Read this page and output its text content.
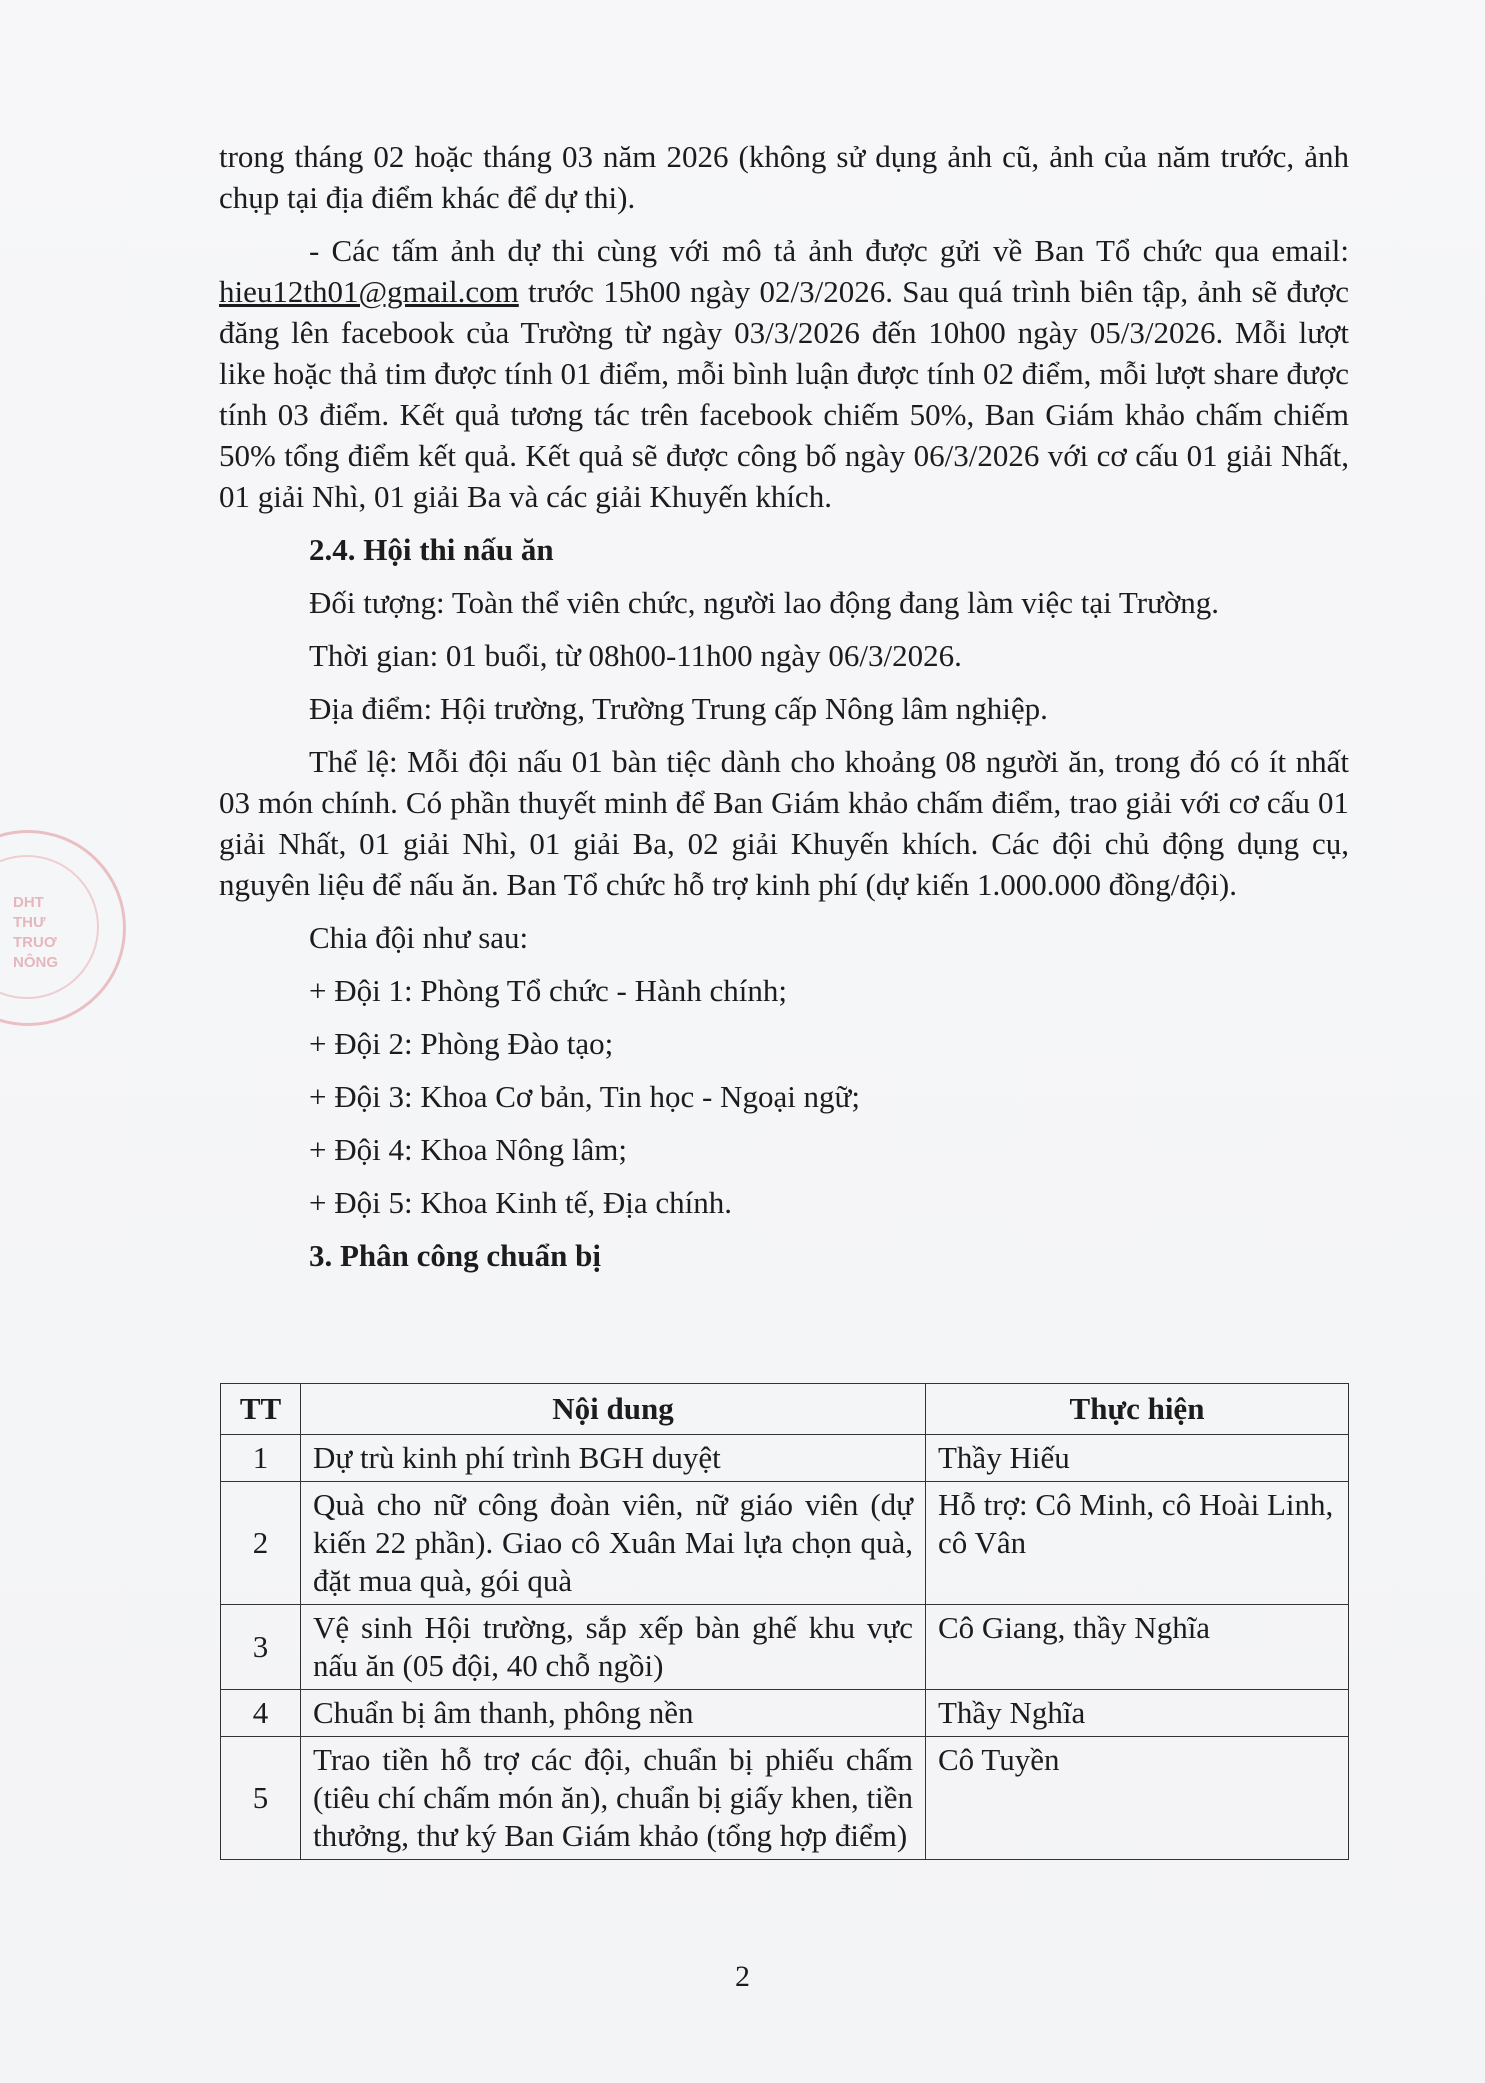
DHT
THƯ
TRUƠ
NÔNG

trong tháng 02 hoặc tháng 03 năm 2026 (không sử dụng ảnh cũ, ảnh của năm trước, ảnh chụp tại địa điểm khác để dự thi).

- Các tấm ảnh dự thi cùng với mô tả ảnh được gửi về Ban Tổ chức qua email: hieu12th01@gmail.com trước 15h00 ngày 02/3/2026. Sau quá trình biên tập, ảnh sẽ được đăng lên facebook của Trường từ ngày 03/3/2026 đến 10h00 ngày 05/3/2026. Mỗi lượt like hoặc thả tim được tính 01 điểm, mỗi bình luận được tính 02 điểm, mỗi lượt share được tính 03 điểm. Kết quả tương tác trên facebook chiếm 50%, Ban Giám khảo chấm chiếm 50% tổng điểm kết quả. Kết quả sẽ được công bố ngày 06/3/2026 với cơ cấu 01 giải Nhất, 01 giải Nhì, 01 giải Ba và các giải Khuyến khích.

2.4. Hội thi nấu ăn

Đối tượng: Toàn thể viên chức, người lao động đang làm việc tại Trường.

Thời gian: 01 buổi, từ 08h00-11h00 ngày 06/3/2026.

Địa điểm: Hội trường, Trường Trung cấp Nông lâm nghiệp.

Thể lệ: Mỗi đội nấu 01 bàn tiệc dành cho khoảng 08 người ăn, trong đó có ít nhất 03 món chính. Có phần thuyết minh để Ban Giám khảo chấm điểm, trao giải với cơ cấu 01 giải Nhất, 01 giải Nhì, 01 giải Ba, 02 giải Khuyến khích. Các đội chủ động dụng cụ, nguyên liệu để nấu ăn. Ban Tổ chức hỗ trợ kinh phí (dự kiến 1.000.000 đồng/đội).

Chia đội như sau:

+ Đội 1: Phòng Tổ chức - Hành chính;

+ Đội 2: Phòng Đào tạo;

+ Đội 3: Khoa Cơ bản, Tin học - Ngoại ngữ;

+ Đội 4: Khoa Nông lâm;

+ Đội 5: Khoa Kinh tế, Địa chính.

3. Phân công chuẩn bị

TT	Nội dung	Thực hiện
1	Dự trù kinh phí trình BGH duyệt	Thầy Hiếu
2	Quà cho nữ công đoàn viên, nữ giáo viên (dự kiến 22 phần). Giao cô Xuân Mai lựa chọn quà, đặt mua quà, gói quà	Hỗ trợ: Cô Minh, cô Hoài Linh, cô Vân
3	Vệ sinh Hội trường, sắp xếp bàn ghế khu vực nấu ăn (05 đội, 40 chỗ ngồi)	Cô Giang, thầy Nghĩa
4	Chuẩn bị âm thanh, phông nền	Thầy Nghĩa
5	Trao tiền hỗ trợ các đội, chuẩn bị phiếu chấm (tiêu chí chấm món ăn), chuẩn bị giấy khen, tiền thưởng, thư ký Ban Giám khảo (tổng hợp điểm)	Cô Tuyền
2
